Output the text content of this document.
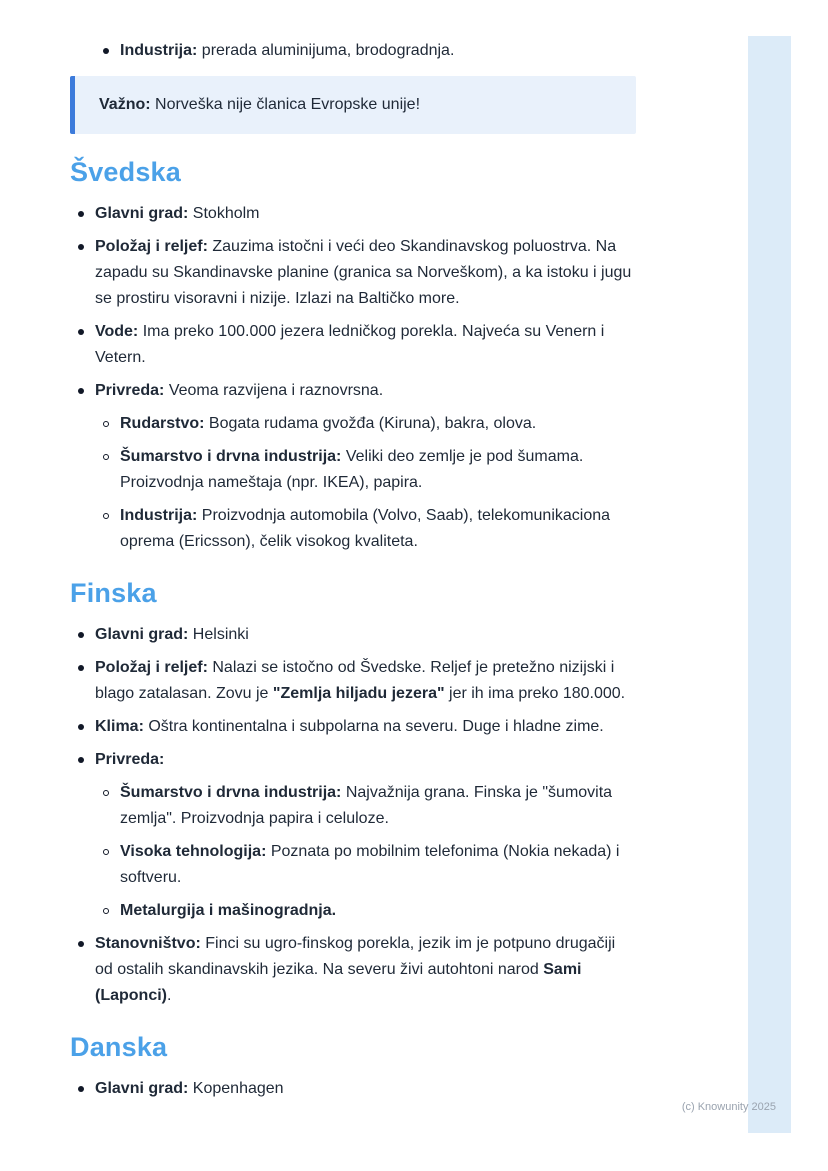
Industrija: prerada aluminijuma, brodogradnja.

Važno: Norveška nije članica Evropske unije!

Švedska
Glavni grad: Stokholm
Položaj i reljef: Zauzima istočni i veći deo Skandinavskog poluostrva. Na zapadu su Skandinavske planine (granica sa Norveškom), a ka istoku i jugu se prostiru visoravni i nizije. Izlazi na Baltičko more.
Vode: Ima preko 100.000 jezera ledničkog porekla. Najveća su Venern i Vetern.
Privreda: Veoma razvijena i raznovrsna.
Rudarstvo: Bogata rudama gvožđa (Kiruna), bakra, olova.
Šumarstvo i drvna industrija: Veliki deo zemlje je pod šumama. Proizvodnja nameštaja (npr. IKEA), papira.
Industrija: Proizvodnja automobila (Volvo, Saab), telekomunikaciona oprema (Ericsson), čelik visokog kvaliteta.
Finska
Glavni grad: Helsinki
Položaj i reljef: Nalazi se istočno od Švedske. Reljef je pretežno nizijski i blago zatalasan. Zovu je "Zemlja hiljadu jezera" jer ih ima preko 180.000.
Klima: Oštra kontinentalna i subpolarna na severu. Duge i hladne zime.
Privreda:
Šumarstvo i drvna industrija: Najvažnija grana. Finska je "šumovita zemlja". Proizvodnja papira i celuloze.
Visoka tehnologija: Poznata po mobilnim telefonima (Nokia nekada) i softveru.
Metalurgija i mašinogradnja.
Stanovništvo: Finci su ugro-finskog porekla, jezik im je potpuno drugačiji od ostalih skandinavskih jezika. Na severu živi autohtoni narod Sami (Laponci).
Danska
Glavni grad: Kopenhagen
(c) Knowunity 2025
